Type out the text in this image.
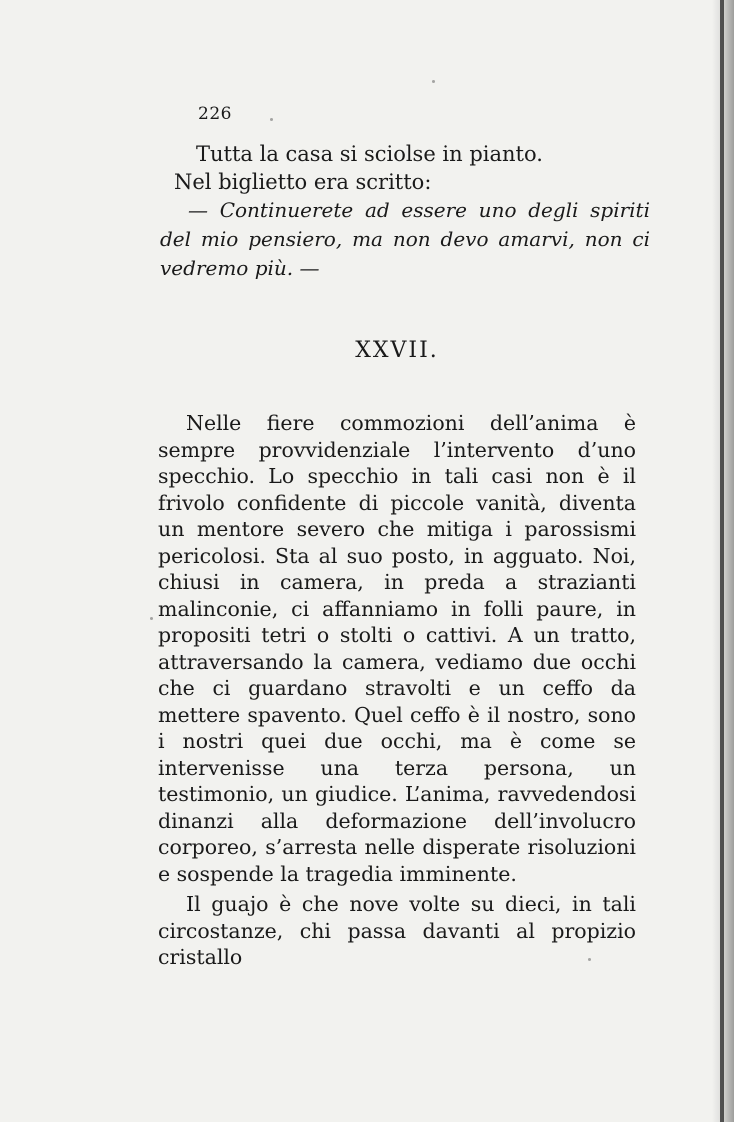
226

Tutta la casa si sciolse in pianto.

Nel biglietto era scritto:

— Continuerete ad essere uno degli spiriti del mio pensiero, ma non devo amarvi, non ci vedremo più. —

XXVII.

Nelle fiere commozioni dell’anima è sempre provvidenziale l’intervento d’uno specchio. Lo specchio in tali casi non è il frivolo confidente di piccole vanità, diventa un mentore severo che mitiga i parossismi pericolosi. Sta al suo posto, in agguato. Noi, chiusi in camera, in preda a strazianti malinconie, ci affanniamo in folli paure, in propositi tetri o stolti o cattivi. A un tratto, attraversando la camera, vediamo due occhi che ci guardano stravolti e un ceffo da mettere spavento. Quel ceffo è il nostro, sono i nostri quei due occhi, ma è come se intervenisse una terza persona, un testimonio, un giudice. L’anima, ravvedendosi dinanzi alla deformazione dell’involucro corporeo, s’arresta nelle disperate risoluzioni e sospende la tragedia imminente.

Il guajo è che nove volte su dieci, in tali circostanze, chi passa davanti al propizio cristallo
